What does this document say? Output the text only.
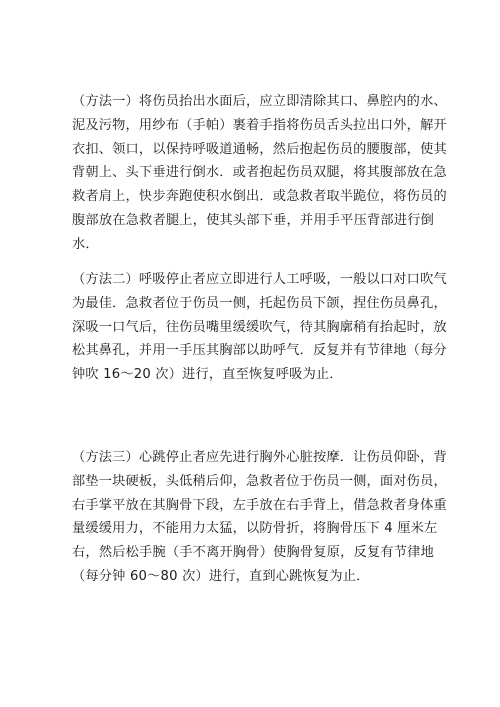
（方法一）将伤员抬出水面后，应立即清除其口、鼻腔内的水、
泥及污物，用纱布（手帕）裹着手指将伤员舌头拉出口外，解开
衣扣、领口，以保持呼吸道通畅，然后抱起伤员的腰腹部，使其
背朝上、头下垂进行倒水．或者抱起伤员双腿，将其腹部放在急
救者肩上，快步奔跑使积水倒出．或急救者取半跪位，将伤员的
腹部放在急救者腿上，使其头部下垂，并用手平压背部进行倒
水．
（方法二）呼吸停止者应立即进行人工呼吸，一般以口对口吹气
为最佳．急救者位于伤员一侧，托起伤员下颌，捏住伤员鼻孔，
深吸一口气后，往伤员嘴里缓缓吹气，待其胸廓稍有抬起时，放
松其鼻孔，并用一手压其胸部以助呼气．反复并有节律地（每分
钟吹 16～20 次）进行，直至恢复呼吸为止．
（方法三）心跳停止者应先进行胸外心脏按摩．让伤员仰卧，背
部垫一块硬板，头低稍后仰，急救者位于伤员一侧，面对伤员，
右手掌平放在其胸骨下段，左手放在右手背上，借急救者身体重
量缓缓用力，不能用力太猛，以防骨折，将胸骨压下 4 厘米左
右，然后松手腕（手不离开胸骨）使胸骨复原，反复有节律地
（每分钟 60～80 次）进行，直到心跳恢复为止．
